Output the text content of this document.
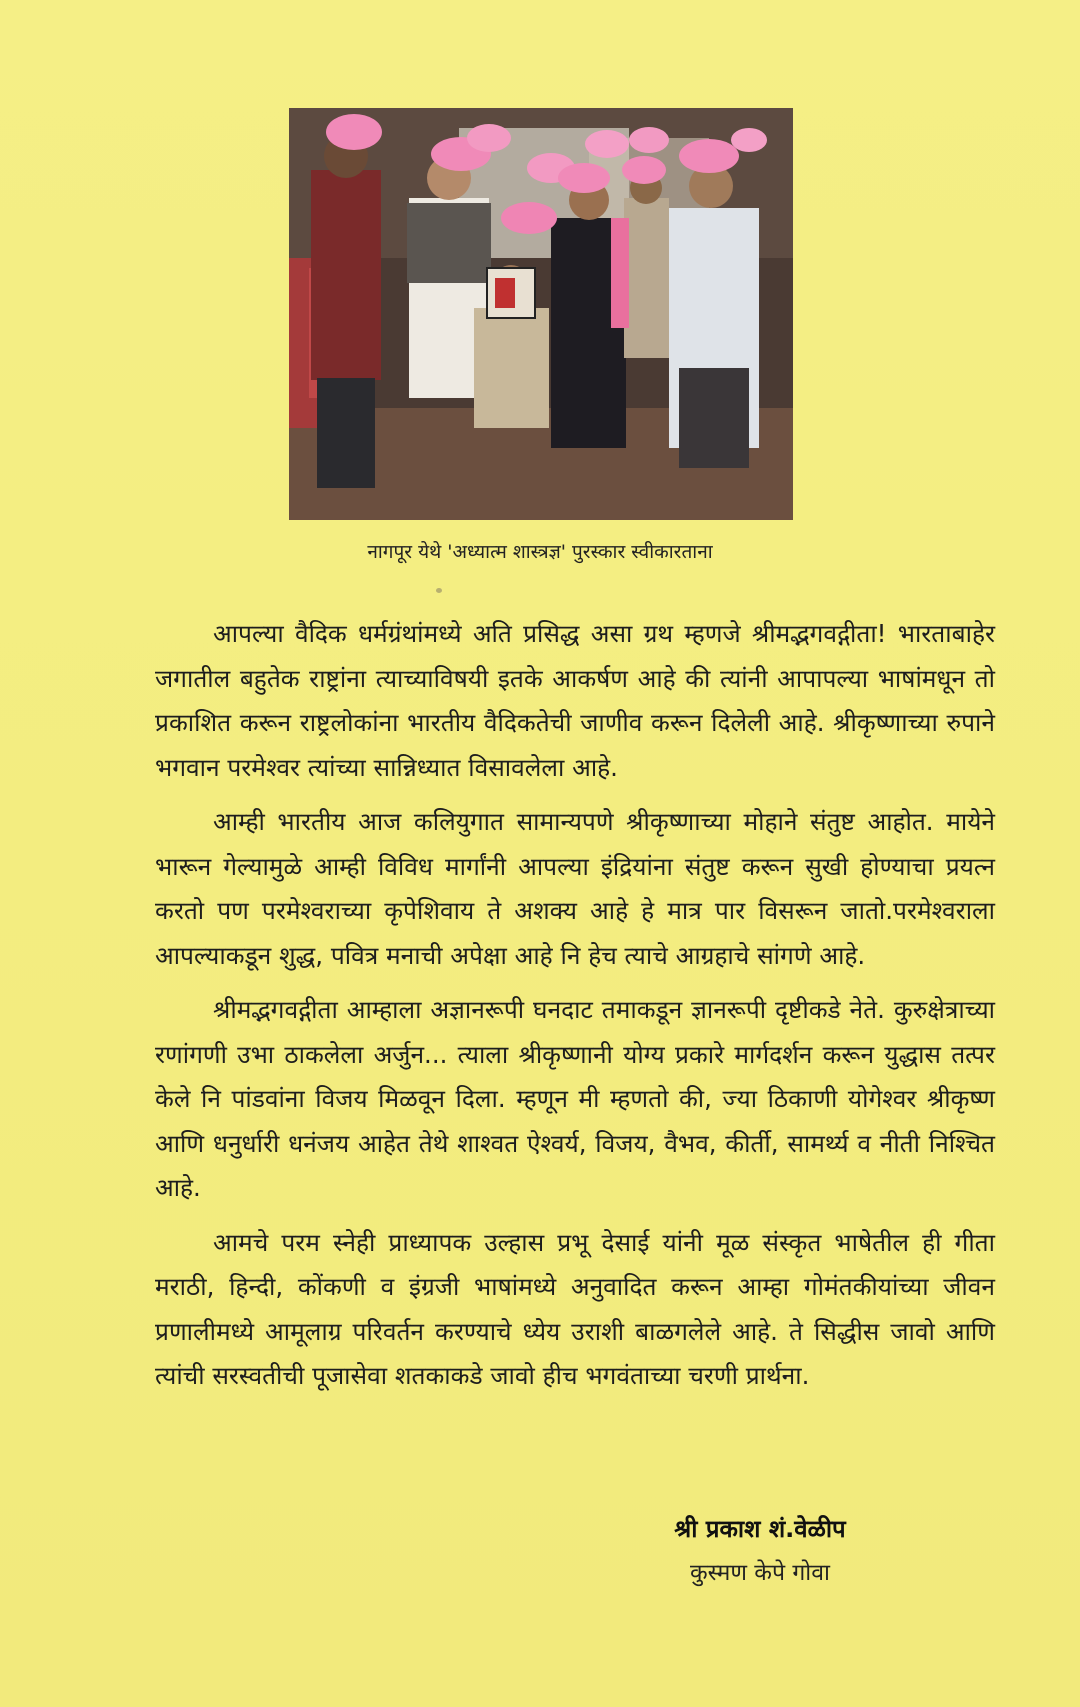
नागपूर येथे 'अध्यात्म शास्त्रज्ञ' पुरस्कार स्वीकारताना

आपल्या वैदिक धर्मग्रंथांमध्ये अति प्रसिद्ध असा ग्रथ म्हणजे श्रीमद्भगवद्गीता! भारताबाहेर जगातील बहुतेक राष्ट्रांना त्याच्याविषयी इतके आकर्षण आहे की त्यांनी आपापल्या भाषांमधून तो प्रकाशित करून राष्ट्रलोकांना भारतीय वैदिकतेची जाणीव करून दिलेली आहे. श्रीकृष्णाच्या रुपाने भगवान परमेश्वर त्यांच्या सान्निध्यात विसावलेला आहे.

आम्ही भारतीय आज कलियुगात सामान्यपणे श्रीकृष्णाच्या मोहाने संतुष्ट आहोत. मायेने भारून गेल्यामुळे आम्ही विविध मार्गांनी आपल्या इंद्रियांना संतुष्ट करून सुखी होण्याचा प्रयत्न करतो पण परमेश्वराच्या कृपेशिवाय ते अशक्य आहे हे मात्र पार विसरून जातो.परमेश्वराला आपल्याकडून शुद्ध, पवित्र मनाची अपेक्षा आहे नि हेच त्याचे आग्रहाचे सांगणे आहे.

श्रीमद्भगवद्गीता आम्हाला अज्ञानरूपी घनदाट तमाकडून ज्ञानरूपी दृष्टीकडे नेते. कुरुक्षेत्राच्या रणांगणी उभा ठाकलेला अर्जुन... त्याला श्रीकृष्णानी योग्य प्रकारे मार्गदर्शन करून युद्धास तत्पर केले नि पांडवांना विजय मिळवून दिला. म्हणून मी म्हणतो की, ज्या ठिकाणी योगेश्वर श्रीकृष्ण आणि धनुर्धारी धनंजय आहेत तेथे शाश्वत ऐश्वर्य, विजय, वैभव, कीर्ती, सामर्थ्य व नीती निश्चित आहे.

आमचे परम स्नेही प्राध्यापक उल्हास प्रभू देसाई यांनी मूळ संस्कृत भाषेतील ही गीता मराठी, हिन्दी, कोंकणी व इंग्रजी भाषांमध्ये अनुवादित करून आम्हा गोमंतकीयांच्या जीवन प्रणालीमध्ये आमूलाग्र परिवर्तन करण्याचे ध्येय उराशी बाळगलेले आहे. ते सिद्धीस जावो आणि त्यांची सरस्वतीची पूजासेवा शतकाकडे जावो हीच भगवंताच्या चरणी प्रार्थना.

श्री प्रकाश शं.वेळीप
कुस्मण केपे गोवा
